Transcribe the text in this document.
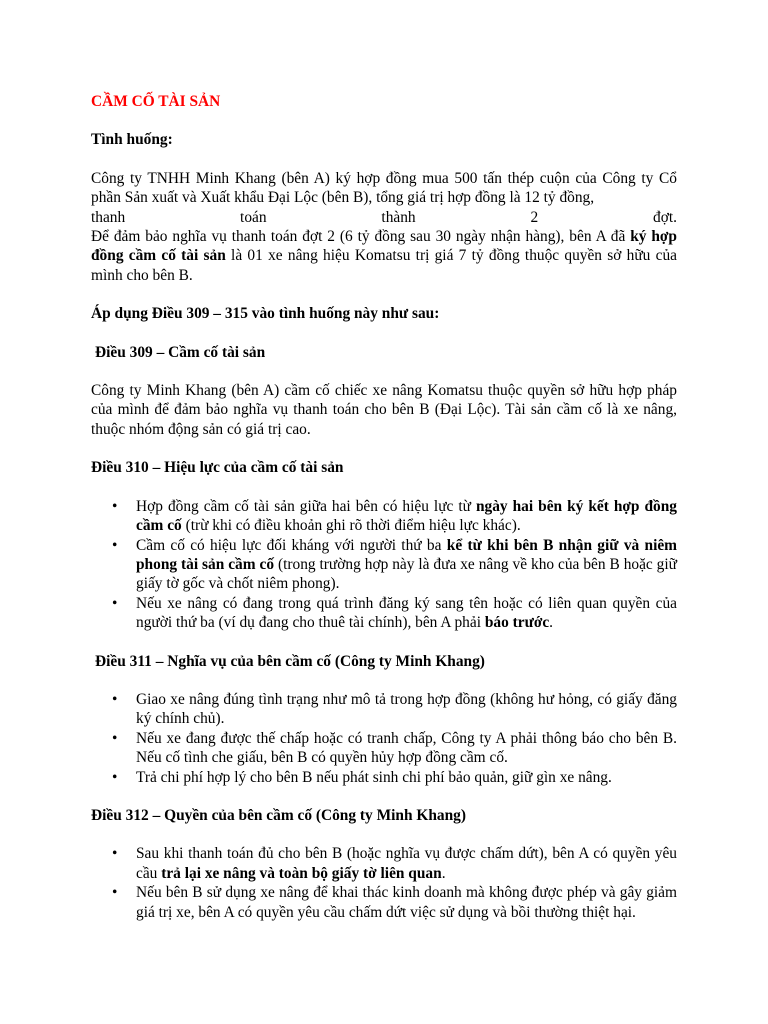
CẦM CỐ TÀI SẢN

Tình huống:

Công ty TNHH Minh Khang (bên A) ký hợp đồng mua 500 tấn thép cuộn của Công ty Cổ phần Sản xuất và Xuất khẩu Đại Lộc (bên B), tổng giá trị hợp đồng là 12 tỷ đồng,

thanh toán thành 2 đợt.

Để đảm bảo nghĩa vụ thanh toán đợt 2 (6 tỷ đồng sau 30 ngày nhận hàng), bên A đã ký hợp đồng cầm cố tài sản là 01 xe nâng hiệu Komatsu trị giá 7 tỷ đồng thuộc quyền sở hữu của mình cho bên B.

Áp dụng Điều 309 – 315 vào tình huống này như sau:

Điều 309 – Cầm cố tài sản

Công ty Minh Khang (bên A) cầm cố chiếc xe nâng Komatsu thuộc quyền sở hữu hợp pháp của mình để đảm bảo nghĩa vụ thanh toán cho bên B (Đại Lộc). Tài sản cầm cố là xe nâng, thuộc nhóm động sản có giá trị cao.

Điều 310 – Hiệu lực của cầm cố tài sản

• Hợp đồng cầm cố tài sản giữa hai bên có hiệu lực từ ngày hai bên ký kết hợp đồng cầm cố (trừ khi có điều khoản ghi rõ thời điểm hiệu lực khác).
• Cầm cố có hiệu lực đối kháng với người thứ ba kể từ khi bên B nhận giữ và niêm phong tài sản cầm cố (trong trường hợp này là đưa xe nâng về kho của bên B hoặc giữ giấy tờ gốc và chốt niêm phong).
• Nếu xe nâng có đang trong quá trình đăng ký sang tên hoặc có liên quan quyền của người thứ ba (ví dụ đang cho thuê tài chính), bên A phải báo trước.

Điều 311 – Nghĩa vụ của bên cầm cố (Công ty Minh Khang)

• Giao xe nâng đúng tình trạng như mô tả trong hợp đồng (không hư hỏng, có giấy đăng ký chính chủ).
• Nếu xe đang được thế chấp hoặc có tranh chấp, Công ty A phải thông báo cho bên B. Nếu cố tình che giấu, bên B có quyền hủy hợp đồng cầm cố.
• Trả chi phí hợp lý cho bên B nếu phát sinh chi phí bảo quản, giữ gìn xe nâng.

Điều 312 – Quyền của bên cầm cố (Công ty Minh Khang)

• Sau khi thanh toán đủ cho bên B (hoặc nghĩa vụ được chấm dứt), bên A có quyền yêu cầu trả lại xe nâng và toàn bộ giấy tờ liên quan.
• Nếu bên B sử dụng xe nâng để khai thác kinh doanh mà không được phép và gây giảm giá trị xe, bên A có quyền yêu cầu chấm dứt việc sử dụng và bồi thường thiệt hại.
